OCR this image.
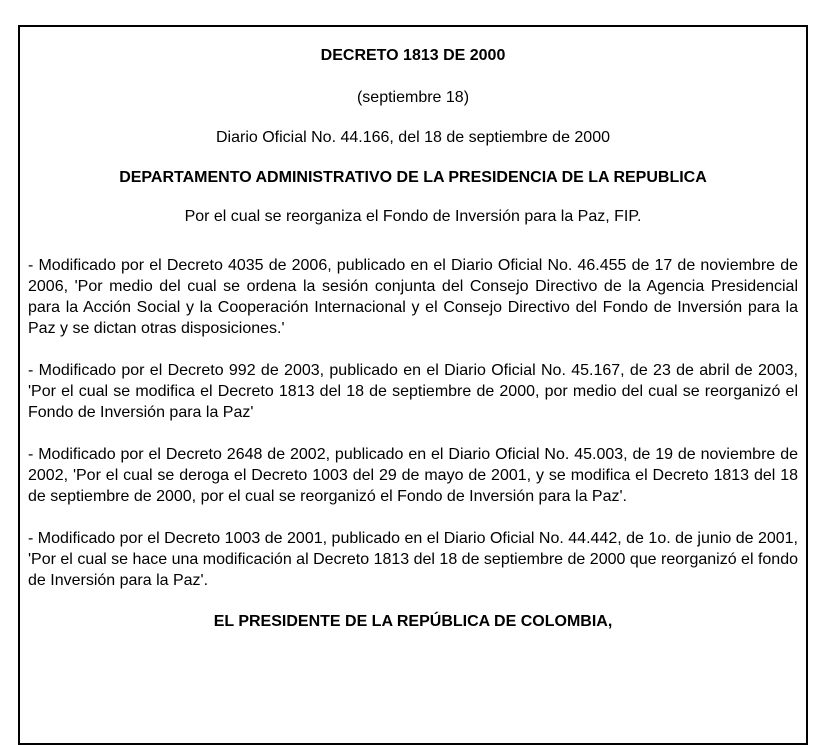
DECRETO 1813 DE 2000

(septiembre 18)

Diario Oficial No. 44.166, del 18 de septiembre de 2000

DEPARTAMENTO ADMINISTRATIVO DE LA PRESIDENCIA DE LA REPUBLICA

Por el cual se reorganiza el Fondo de Inversión para la Paz, FIP.

- Modificado por el Decreto 4035 de 2006, publicado en el Diario Oficial No. 46.455 de 17 de noviembre de 2006, 'Por medio del cual se ordena la sesión conjunta del Consejo Directivo de la Agencia Presidencial para la Acción Social y la Cooperación Internacional y el Consejo Directivo del Fondo de Inversión para la Paz y se dictan otras disposiciones.'

- Modificado por el Decreto 992 de 2003, publicado en el Diario Oficial No. 45.167, de 23 de abril de 2003, 'Por el cual se modifica el Decreto 1813 del 18 de septiembre de 2000, por medio del cual se reorganizó el Fondo de Inversión para la Paz'

- Modificado por el Decreto 2648 de 2002, publicado en el Diario Oficial No. 45.003, de 19 de noviembre de 2002, 'Por el cual se deroga el Decreto 1003 del 29 de mayo de 2001, y se modifica el Decreto 1813 del 18 de septiembre de 2000, por el cual se reorganizó el Fondo de Inversión para la Paz'.

- Modificado por el Decreto 1003 de 2001, publicado en el Diario Oficial No. 44.442, de 1o. de junio de 2001, 'Por el cual se hace una modificación al Decreto 1813 del 18 de septiembre de 2000 que reorganizó el fondo de Inversión para la Paz'.

EL PRESIDENTE DE LA REPÚBLICA DE COLOMBIA,
